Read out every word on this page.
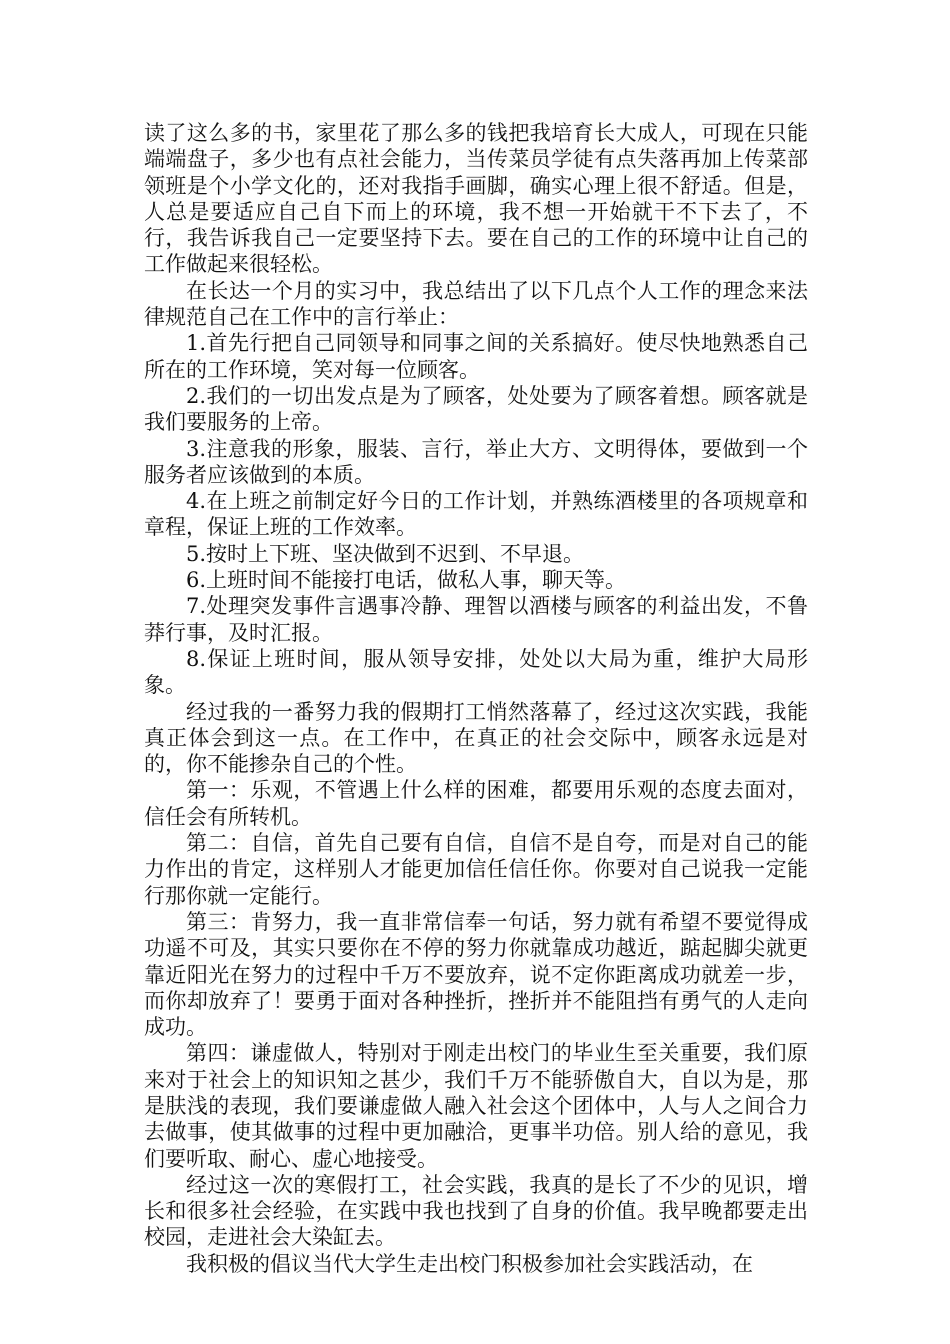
读了这么多的书，家里花了那么多的钱把我培育长大成人，可现在只能端端盘子，多少也有点社会能力，当传菜员学徒有点失落再加上传菜部领班是个小学文化的，还对我指手画脚，确实心理上很不舒适。但是，人总是要适应自己自下而上的环境，我不想一开始就干不下去了，不行，我告诉我自己一定要坚持下去。要在自己的工作的环境中让自己的工作做起来很轻松。

在长达一个月的实习中，我总结出了以下几点个人工作的理念来法律规范自己在工作中的言行举止：

1.首先行把自己同领导和同事之间的关系搞好。使尽快地熟悉自己所在的工作环境，笑对每一位顾客。

2.我们的一切出发点是为了顾客，处处要为了顾客着想。顾客就是我们要服务的上帝。

3.注意我的形象，服装、言行，举止大方、文明得体，要做到一个服务者应该做到的本质。

4.在上班之前制定好今日的工作计划，并熟练酒楼里的各项规章和章程，保证上班的工作效率。

5.按时上下班、坚决做到不迟到、不早退。

6.上班时间不能接打电话，做私人事，聊天等。

7.处理突发事件言遇事冷静、理智以酒楼与顾客的利益出发，不鲁莽行事，及时汇报。

8.保证上班时间，服从领导安排，处处以大局为重，维护大局形象。

经过我的一番努力我的假期打工悄然落幕了，经过这次实践，我能真正体会到这一点。在工作中，在真正的社会交际中，顾客永远是对的，你不能掺杂自己的个性。

第一：乐观，不管遇上什么样的困难，都要用乐观的态度去面对，信任会有所转机。

第二：自信，首先自己要有自信，自信不是自夸，而是对自己的能力作出的肯定，这样别人才能更加信任信任你。你要对自己说我一定能行那你就一定能行。

第三：肯努力，我一直非常信奉一句话，努力就有希望不要觉得成功遥不可及，其实只要你在不停的努力你就靠成功越近，踮起脚尖就更靠近阳光在努力的过程中千万不要放弃，说不定你距离成功就差一步，而你却放弃了！要勇于面对各种挫折，挫折并不能阻挡有勇气的人走向成功。

第四：谦虚做人，特别对于刚走出校门的毕业生至关重要，我们原来对于社会上的知识知之甚少，我们千万不能骄傲自大，自以为是，那是肤浅的表现，我们要谦虚做人融入社会这个团体中，人与人之间合力去做事，使其做事的过程中更加融洽，更事半功倍。别人给的意见，我们要听取、耐心、虚心地接受。

经过这一次的寒假打工，社会实践，我真的是长了不少的见识，增长和很多社会经验，在实践中我也找到了自身的价值。我早晚都要走出校园，走进社会大染缸去。

我积极的倡议当代大学生走出校门积极参加社会实践活动，在
